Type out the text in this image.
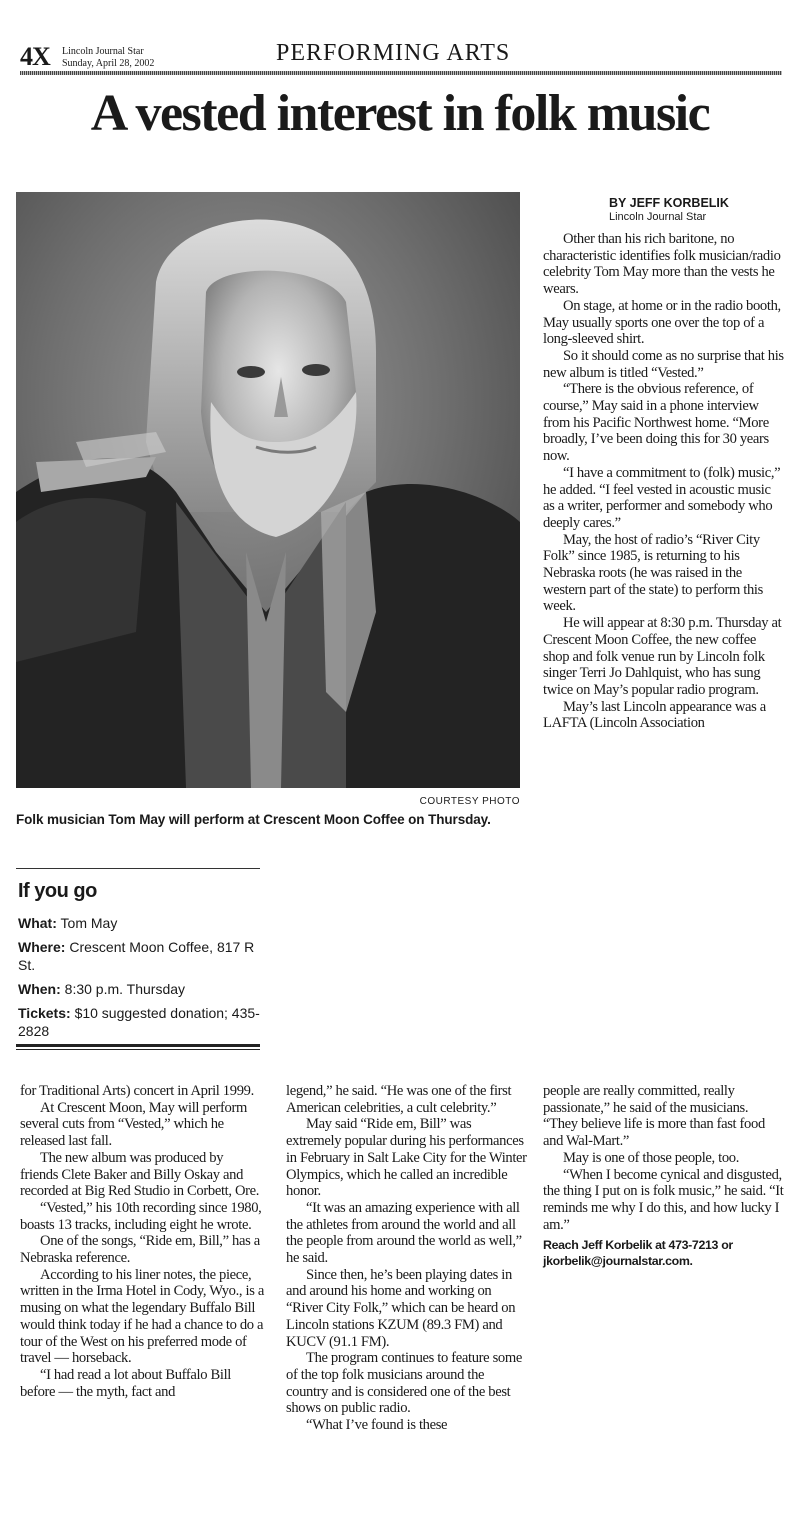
4X Lincoln Journal Star
Sunday, April 28, 2002	PERFORMING ARTS
A vested interest in folk music
COURTESY PHOTO
Folk musician Tom May will perform at Crescent Moon Coffee on Thursday.
BY JEFF KORBELIK
Lincoln Journal Star

Other than his rich baritone, no characteristic identifies folk musician/radio celebrity Tom May more than the vests he wears.

On stage, at home or in the radio booth, May usually sports one over the top of a long-sleeved shirt.

So it should come as no surprise that his new album is titled “Vested.”

“There is the obvious reference, of course,” May said in a phone interview from his Pacific Northwest home. “More broadly, I’ve been doing this for 30 years now.

“I have a commitment to (folk) music,” he added. “I feel vested in acoustic music as a writer, performer and somebody who deeply cares.”

May, the host of radio’s “River City Folk” since 1985, is returning to his Nebraska roots (he was raised in the western part of the state) to perform this week.

He will appear at 8:30 p.m. Thursday at Crescent Moon Coffee, the new coffee shop and folk venue run by Lincoln folk singer Terri Jo Dahlquist, who has sung twice on May’s popular radio program.

May’s last Lincoln appearance was a LAFTA (Lincoln Association

If you go
What: Tom May
Where: Crescent Moon Coffee, 817 R St.
When: 8:30 p.m. Thursday
Tickets: $10 suggested donation; 435-2828

for Traditional Arts) concert in April 1999.

At Crescent Moon, May will perform several cuts from “Vested,” which he released last fall.

The new album was produced by friends Clete Baker and Billy Oskay and recorded at Big Red Studio in Corbett, Ore.

“Vested,” his 10th recording since 1980, boasts 13 tracks, including eight he wrote.

One of the songs, “Ride em, Bill,” has a Nebraska reference.

According to his liner notes, the piece, written in the Irma Hotel in Cody, Wyo., is a musing on what the legendary Buffalo Bill would think today if he had a chance to do a tour of the West on his preferred mode of travel — horseback.

“I had read a lot about Buffalo Bill before — the myth, fact and

legend,” he said. “He was one of the first American celebrities, a cult celebrity.”

May said “Ride em, Bill” was extremely popular during his performances in February in Salt Lake City for the Winter Olympics, which he called an incredible honor.

“It was an amazing experience with all the athletes from around the world and all the people from around the world as well,” he said.

Since then, he’s been playing dates in and around his home and working on “River City Folk,” which can be heard on Lincoln stations KZUM (89.3 FM) and KUCV (91.1 FM).

The program continues to feature some of the top folk musicians around the country and is considered one of the best shows on public radio.

“What I’ve found is these

people are really committed, really passionate,” he said of the musicians. “They believe life is more than fast food and Wal-Mart.”

May is one of those people, too.

“When I become cynical and disgusted, the thing I put on is folk music,” he said. “It reminds me why I do this, and how lucky I am.”

Reach Jeff Korbelik at 473-7213 or jkorbelik@journalstar.com.
